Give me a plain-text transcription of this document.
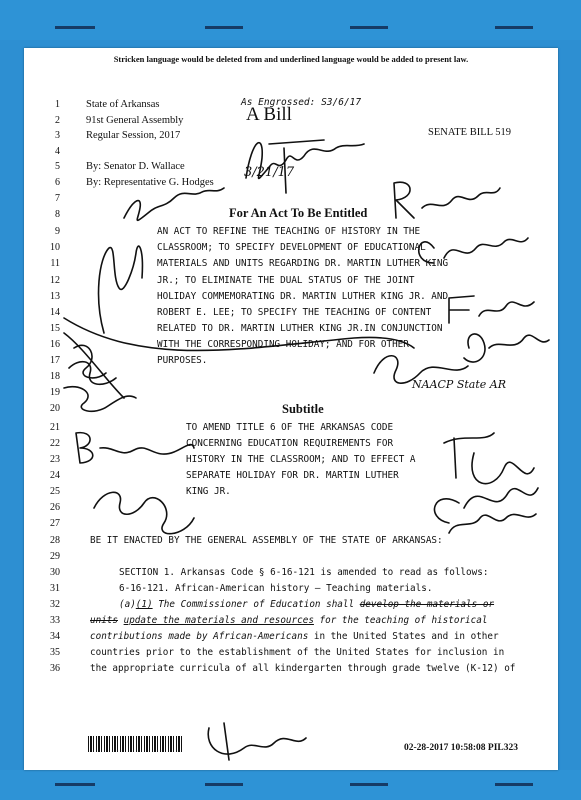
Stricken language would be deleted from and underlined language would be added to present law.
State of Arkansas
91st General Assembly
Regular Session, 2017
As Engrossed: S3/6/17
A Bill
SENATE BILL 519
By: Senator D. Wallace
By: Representative G. Hodges
For An Act To Be Entitled
AN ACT TO REFINE THE TEACHING OF HISTORY IN THE
CLASSROOM; TO SPECIFY DEVELOPMENT OF EDUCATIONAL
MATERIALS AND UNITS REGARDING DR. MARTIN LUTHER KING
JR.; TO ELIMINATE THE DUAL STATUS OF THE JOINT
HOLIDAY COMMEMORATING DR. MARTIN LUTHER KING JR. AND
ROBERT E. LEE; TO SPECIFY THE TEACHING OF CONTENT
RELATED TO DR. MARTIN LUTHER KING JR.IN CONJUNCTION
WITH THE CORRESPONDING HOLIDAY; AND FOR OTHER
PURPOSES.
Subtitle
TO AMEND TITLE 6 OF THE ARKANSAS CODE
CONCERNING EDUCATION REQUIREMENTS FOR
HISTORY IN THE CLASSROOM; AND TO EFFECT A
SEPARATE HOLIDAY FOR DR. MARTIN LUTHER
KING JR.
BE IT ENACTED BY THE GENERAL ASSEMBLY OF THE STATE OF ARKANSAS:
SECTION 1. Arkansas Code § 6-16-121 is amended to read as follows:
6-16-121. African-American history — Teaching materials.
(a)(1) The Commissioner of Education shall develop the materials or
units update the materials and resources for the teaching of historical
contributions made by African-Americans in the United States and in other
countries prior to the establishment of the United States for inclusion in
the appropriate curricula of all kindergarten through grade twelve (K-12) of
1
2
3
4
5
6
7
8
9
10
11
12
13
14
15
16
17
18
19
20
21
22
23
24
25
26
27
28
29
30
31
32
33
34
35
36
02-28-2017 10:58:08 PIL323
3/21/17
NAACP State AR
